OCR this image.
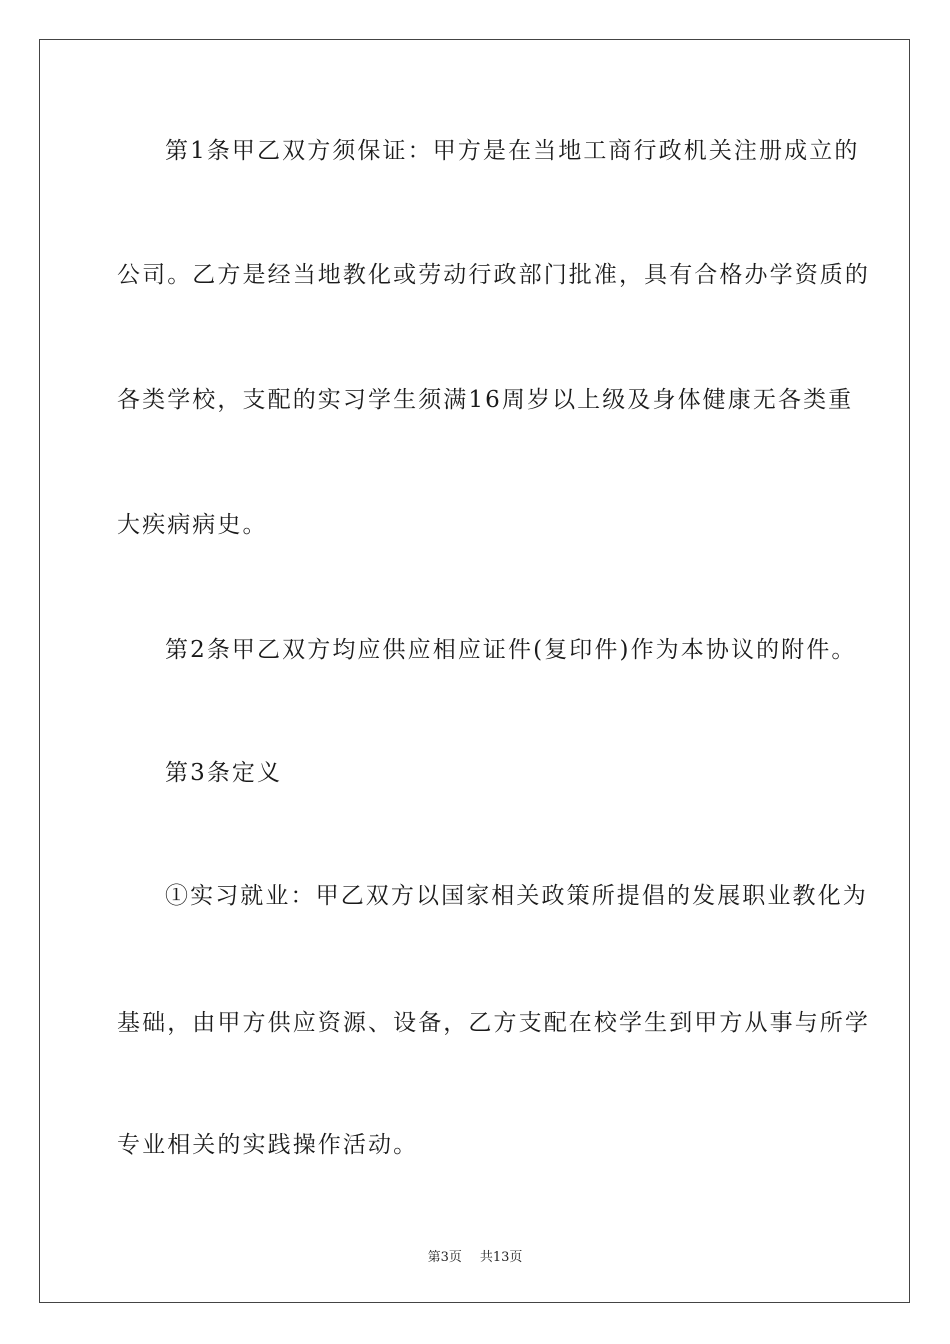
第1条甲乙双方须保证：甲方是在当地工商行政机关注册成立的
公司。乙方是经当地教化或劳动行政部门批准，具有合格办学资质的
各类学校，支配的实习学生须满16周岁以上级及身体健康无各类重
大疾病病史。
第2条甲乙双方均应供应相应证件(复印件)作为本协议的附件。
第3条定义
①实习就业：甲乙双方以国家相关政策所提倡的发展职业教化为
基础，由甲方供应资源、设备，乙方支配在校学生到甲方从事与所学
专业相关的实践操作活动。
第3页 共13页
